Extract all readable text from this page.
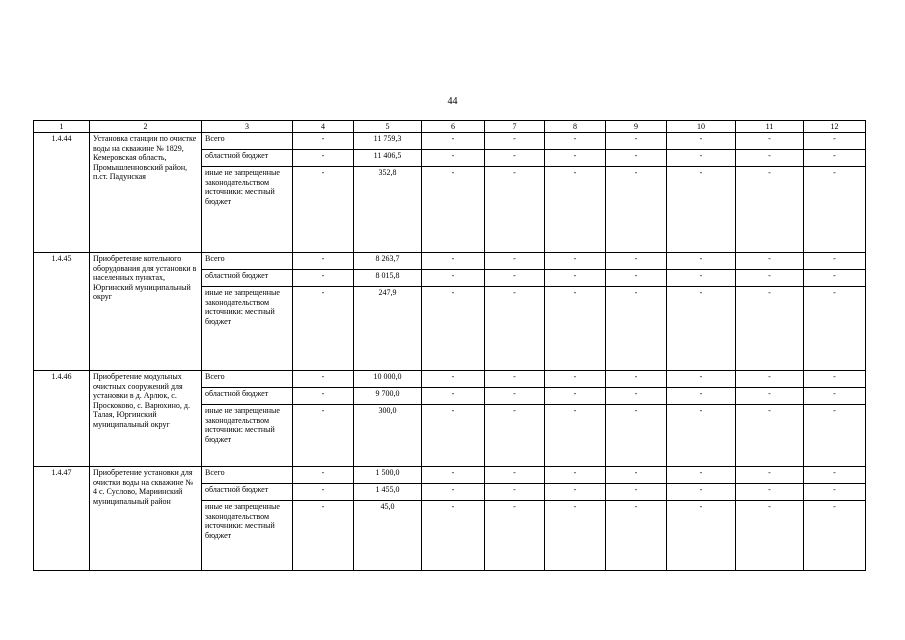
44
1	2	3	4	5	6	7	8	9	10	11	12
1.4.44	Установка станции по очистке воды на скважине № 1829, Кемеровская область, Промышленновский район, п.ст. Падунская	Всего	-	11 759,3	-	-	-	-	-	-	-
		областной бюджет	-	11 406,5	-	-	-	-	-	-	-
		иные не запрещенные законодательством источники: местный бюджет	-	352,8	-	-	-	-	-	-	-
1.4.45	Приобретение котельного оборудования для установки в населенных пунктах, Юргинский муниципальный округ	Всего	-	8 263,7	-	-	-	-	-	-	-
		областной бюджет	-	8 015,8	-	-	-	-	-	-	-
		иные не запрещенные законодательством источники: местный бюджет	-	247,9	-	-	-	-	-	-	-
1.4.46	Приобретение модульных очистных сооружений для установки в д. Арлюк, с. Проскоково, с. Варюхино, д. Талая, Юргинский муниципальный округ	Всего	-	10 000,0	-	-	-	-	-	-	-
		областной бюджет	-	9 700,0	-	-	-	-	-	-	-
		иные не запрещенные законодательством источники: местный бюджет	-	300,0	-	-	-	-	-	-	-
1.4.47	Приобретение установки для очистки воды на скважине № 4 с. Суслово, Мариинский муниципальный район	Всего	-	1 500,0	-	-	-	-	-	-	-
		областной бюджет	-	1 455,0	-	-	-	-	-	-	-
		иные не запрещенные законодательством источники: местный бюджет	-	45,0	-	-	-	-	-	-	-
